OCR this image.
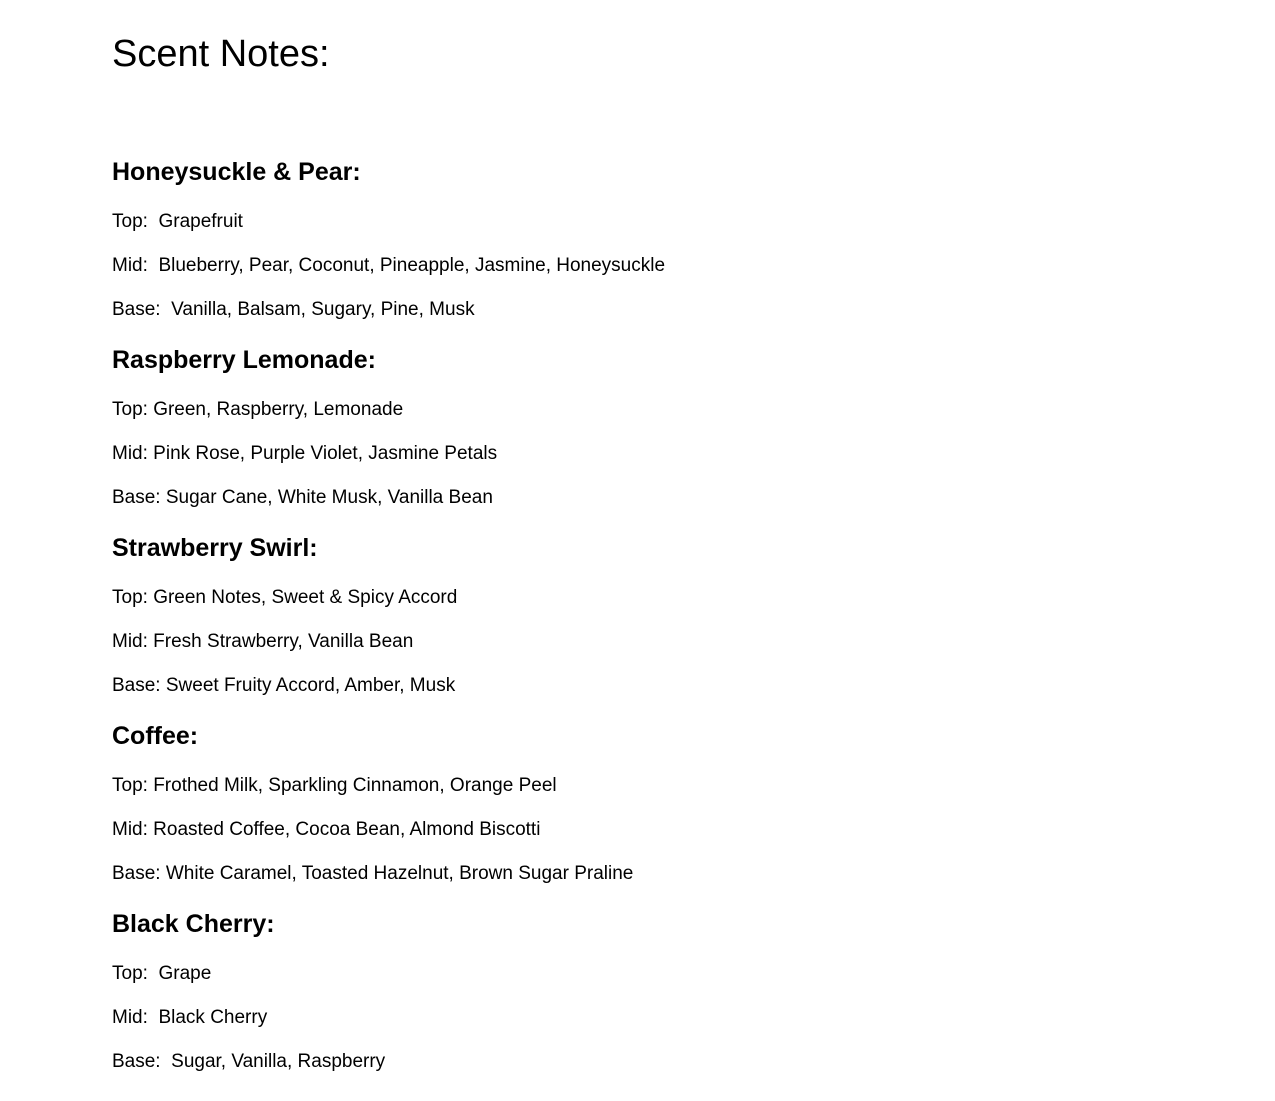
Scent Notes:
Honeysuckle & Pear:

Top:  Grapefruit

Mid:  Blueberry, Pear, Coconut, Pineapple, Jasmine, Honeysuckle

Base:  Vanilla, Balsam, Sugary, Pine, Musk

Raspberry Lemonade:

Top: Green, Raspberry, Lemonade

Mid: Pink Rose, Purple Violet, Jasmine Petals

Base: Sugar Cane, White Musk, Vanilla Bean

Strawberry Swirl:

Top: Green Notes, Sweet & Spicy Accord

Mid: Fresh Strawberry, Vanilla Bean

Base: Sweet Fruity Accord, Amber, Musk

Coffee:

Top: Frothed Milk, Sparkling Cinnamon, Orange Peel

Mid: Roasted Coffee, Cocoa Bean, Almond Biscotti

Base: White Caramel, Toasted Hazelnut, Brown Sugar Praline

Black Cherry:

Top:  Grape

Mid:  Black Cherry

Base:  Sugar, Vanilla, Raspberry
